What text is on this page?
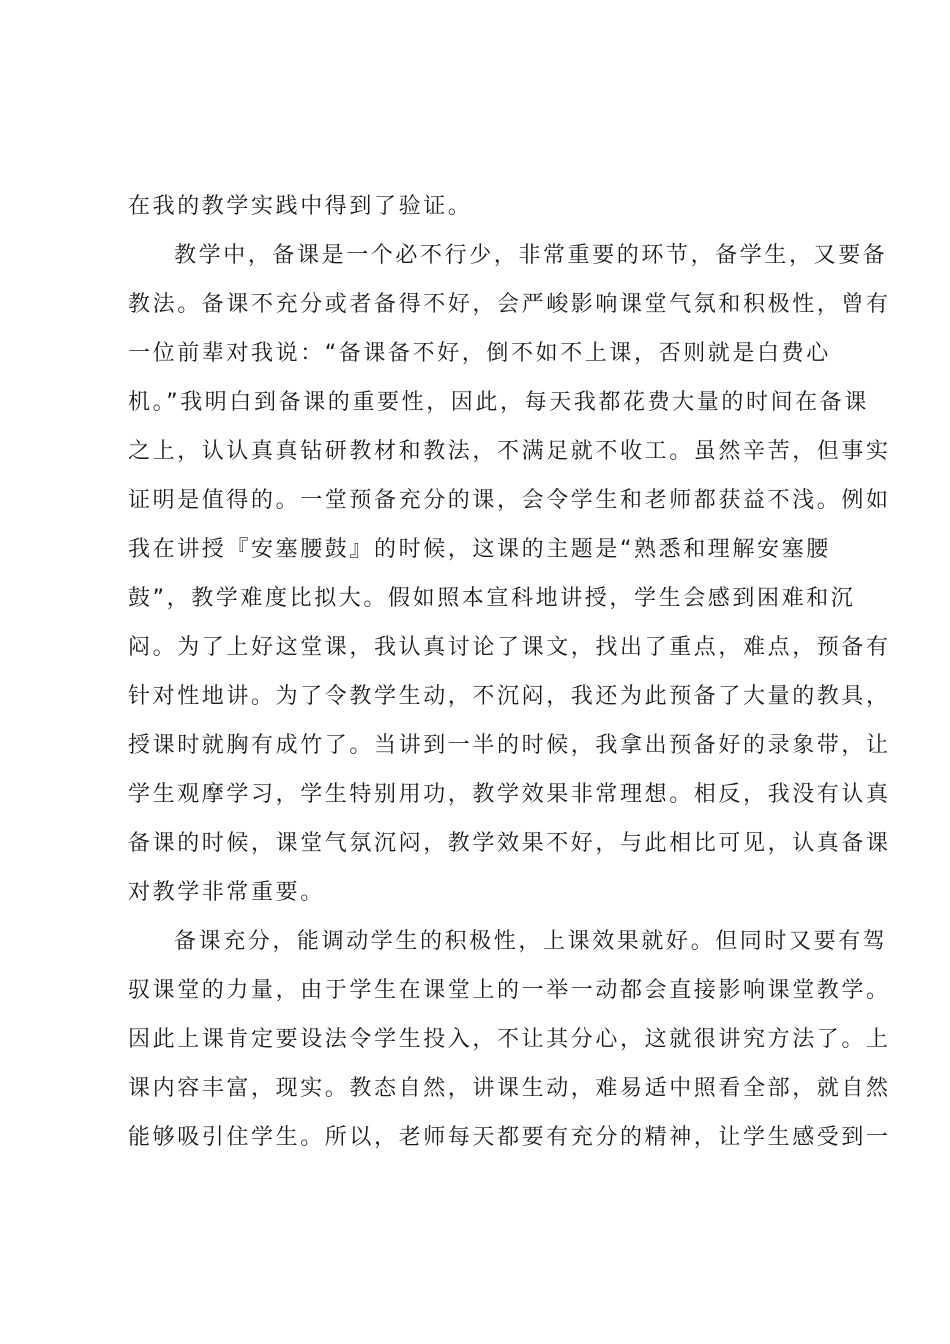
在我的教学实践中得到了验证。
教学中，备课是一个必不行少，非常重要的环节，备学生，又要备
教法。备课不充分或者备得不好，会严峻影响课堂气氛和积极性，曾有
一位前辈对我说：“备课备不好，倒不如不上课，否则就是白费心
机。”我明白到备课的重要性，因此，每天我都花费大量的时间在备课
之上，认认真真钻研教材和教法，不满足就不收工。虽然辛苦，但事实
证明是值得的。一堂预备充分的课，会令学生和老师都获益不浅。例如
我在讲授『安塞腰鼓』的时候，这课的主题是“熟悉和理解安塞腰
鼓”，教学难度比拟大。假如照本宣科地讲授，学生会感到困难和沉
闷。为了上好这堂课，我认真讨论了课文，找出了重点，难点，预备有
针对性地讲。为了令教学生动，不沉闷，我还为此预备了大量的教具，
授课时就胸有成竹了。当讲到一半的时候，我拿出预备好的录象带，让
学生观摩学习，学生特别用功，教学效果非常理想。相反，我没有认真
备课的时候，课堂气氛沉闷，教学效果不好，与此相比可见，认真备课
对教学非常重要。
备课充分，能调动学生的积极性，上课效果就好。但同时又要有驾
驭课堂的力量，由于学生在课堂上的一举一动都会直接影响课堂教学。
因此上课肯定要设法令学生投入，不让其分心，这就很讲究方法了。上
课内容丰富，现实。教态自然，讲课生动，难易适中照看全部，就自然
能够吸引住学生。所以，老师每天都要有充分的精神，让学生感受到一
